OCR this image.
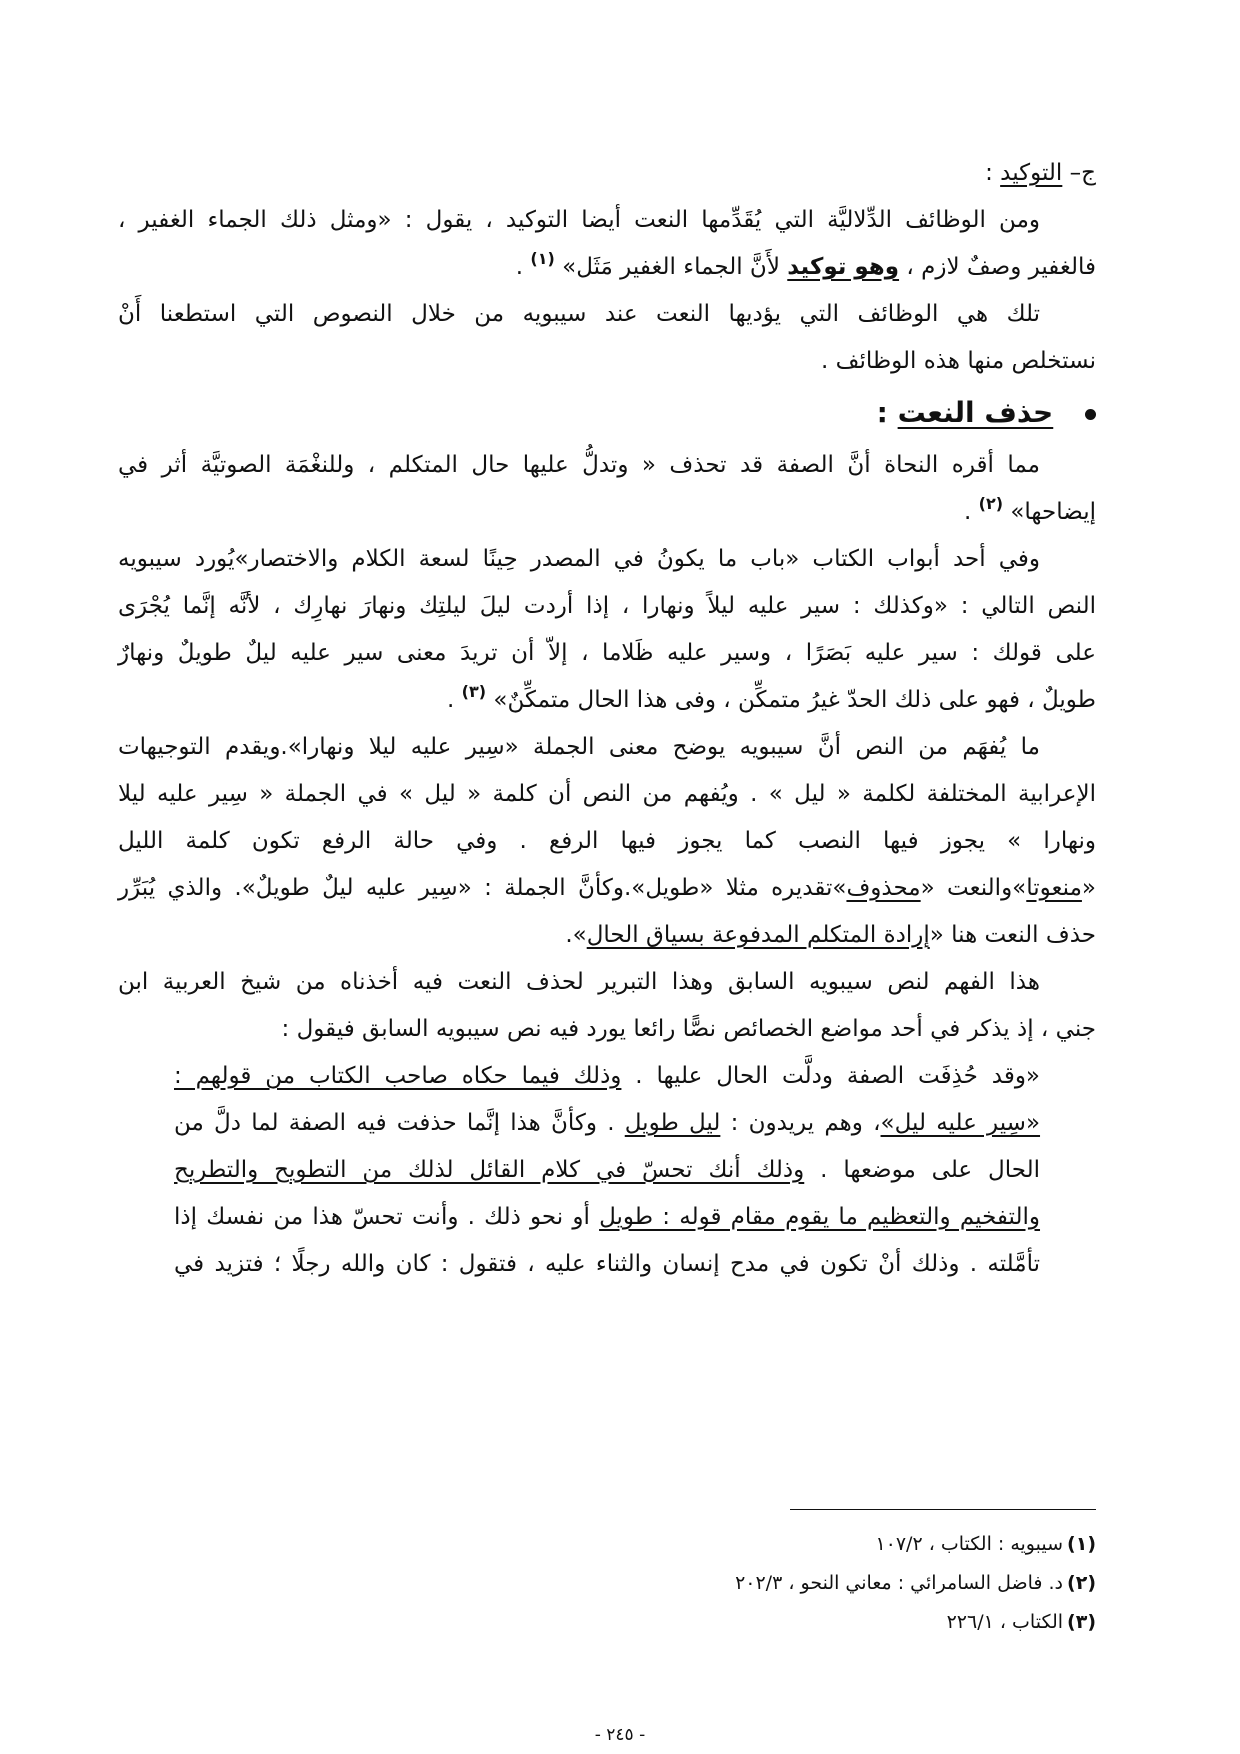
ج– التوكيد :

ومن الوظائف الدِّلاليَّة التي يُقَدِّمها النعت أيضا التوكيد ، يقول : «ومثل ذلك الجماء الغفير ،
فالغفير وصفٌ لازم ، وهو توكيد لأَنَّ الجماء الغفير مَثَل» $^{(١)}$ .

تلك هي الوظائف التي يؤديها النعت عند سيبويه من خلال النصوص التي استطعنا أَنْ
نستخلص منها هذه الوظائف .

حذف النعت :

مما أقره النحاة أنَّ الصفة قد تحذف « وتدلُّ عليها حال المتكلم ، وللنغْمَة الصوتيَّة أثر في
إيضاحها» $^{(٢)}$ .

وفي أحد أبواب الكتاب «باب ما يكونُ في المصدر حِينًا لسعة الكلام والاختصار»يُورد سيبويه
النص التالي : «وكذلك : سير عليه ليلاً ونهارا ، إذا أردت ليلَ ليلتِك ونهارَ نهارِك ، لأنَّه إنَّما يُجْرَى
على قولك : سير عليه بَصَرًا ، وسير عليه ظَلاما ، إلاّ أن تريدَ معنى سير عليه ليلٌ طويلٌ ونهارٌ
طويلٌ ، فهو على ذلك الحدّ غيرُ متمكِّن ، وفى هذا الحال متمكِّنٌ» $^{(٣)}$ .

ما يُفهَم من النص أنَّ سيبويه يوضح معنى الجملة «سِير عليه ليلا ونهارا».ويقدم التوجيهات
الإعرابية المختلفة لكلمة « ليل » . ويُفهم من النص أن كلمة « ليل » في الجملة « سِير عليه ليلا
ونهارا » يجوز فيها النصب كما يجوز فيها الرفع . وفي حالة الرفع تكون كلمة الليل
«منعوتا»والنعت «محذوف»تقديره مثلا «طويل».وكأنَّ الجملة : «سِير عليه ليلٌ طويلٌ». والذي يُبَرِّر
حذف النعت هنا «إرادة المتكلم المدفوعة بسياق الحال».

هذا الفهم لنص سيبويه السابق وهذا التبرير لحذف النعت فيه أخذناه من شيخ العربية ابن
جني ، إذ يذكر في أحد مواضع الخصائص نصًّا رائعا يورد فيه نص سيبويه السابق فيقول :

«وقد حُذِفَت الصفة ودلَّت الحال عليها . وذلك فيما حكاه صاحب الكتاب من قولهم :
«سِير عليه ليل»، وهم يريدون : ليل طويل . وكأنَّ هذا إنَّما حذفت فيه الصفة لما دلَّ من
الحال على موضعها . وذلك أنك تحسّ في كلام القائل لذلك من التطويح والتطريح
والتفخيم والتعظيم ما يقوم مقام قوله : طويل أو نحو ذلك . وأنت تحسّ هذا من نفسك إذا
تأمَّلته . وذلك أنْ تكون في مدح إنسان والثناء عليه ، فتقول : كان والله رجلًا ؛ فتزيد في
(١)سيبويه : الكتاب ، ١٠٧/٢
(٢)د. فاضل السامرائي : معاني النحو ، ٢٠٢/٣
(٣)الكتاب ، ٢٢٦/١
- ٢٤٥ -
